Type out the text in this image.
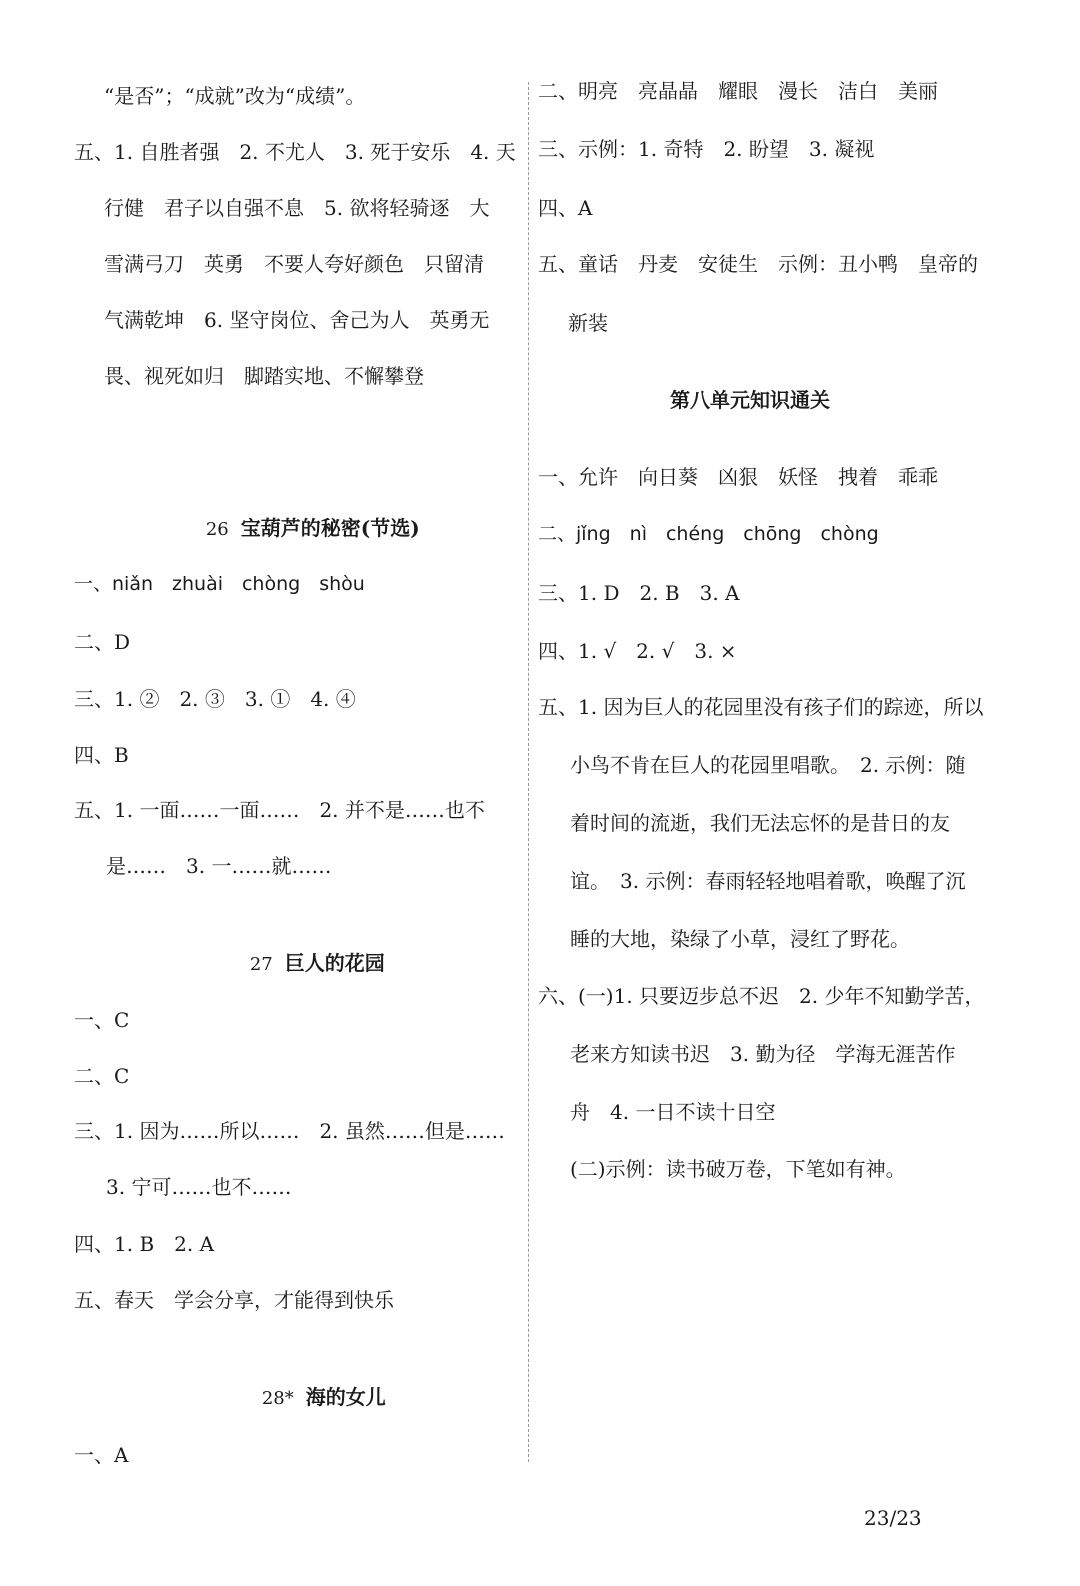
“是否”；“成就”改为“成绩”。
五、1. 自胜者强　2. 不尤人　3. 死于安乐　4. 天
行健　君子以自强不息　5. 欲将轻骑逐　大
雪满弓刀　英勇　不要人夸好颜色　只留清
气满乾坤　6. 坚守岗位、舍己为人　英勇无
畏、视死如归　脚踏实地、不懈攀登

26 宝葫芦的秘密(节选)

一、niǎn　zhuài　chòng　shòu
二、D
三、1. ②　2. ③　3. ①　4. ④
四、B
五、1. 一面……一面……　2. 并不是……也不
是……　3. 一……就……

27 巨人的花园

一、C
二、C
三、1. 因为……所以……　2. 虽然……但是……
3. 宁可……也不……
四、1. B　2. A
五、春天　学会分享，才能得到快乐

28* 海的女儿

一、A
二、明亮　亮晶晶　耀眼　漫长　洁白　美丽
三、示例：1. 奇特　2. 盼望　3. 凝视
四、A
五、童话　丹麦　安徒生　示例：丑小鸭　皇帝的
新装
第八单元知识通关
一、允许　向日葵　凶狠　妖怪　拽着　乖乖
二、jǐng　nì　chéng　chōng　chòng
三、1. D　2. B　3. A
四、1. √　2. √　3. ×
五、1. 因为巨人的花园里没有孩子们的踪迹，所以
小鸟不肯在巨人的花园里唱歌。　2. 示例：随
着时间的流逝，我们无法忘怀的是昔日的友
谊。　3. 示例：春雨轻轻地唱着歌，唤醒了沉
睡的大地，染绿了小草，浸红了野花。
六、(一)1. 只要迈步总不迟　2. 少年不知勤学苦，
老来方知读书迟　3. 勤为径　学海无涯苦作
舟　4. 一日不读十日空
(二)示例：读书破万卷，下笔如有神。
23/23
